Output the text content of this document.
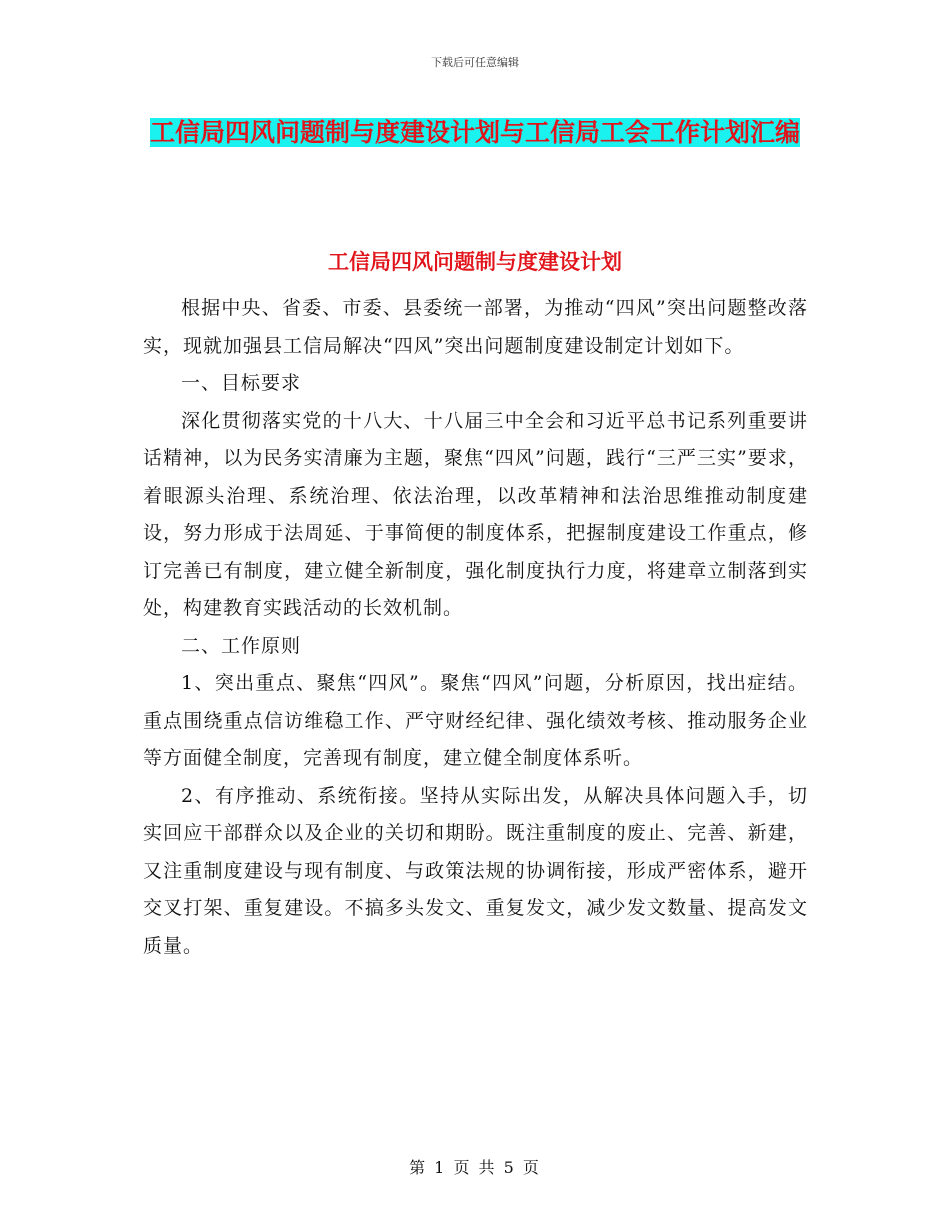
下载后可任意编辑
工信局四风问题制与度建设计划与工信局工会工作计划汇编
工信局四风问题制与度建设计划

根据中央、省委、市委、县委统一部署，为推动“四风”突出问题整改落实，现就加强县工信局解决“四风”突出问题制度建设制定计划如下。

一、目标要求

深化贯彻落实党的十八大、十八届三中全会和习近平总书记系列重要讲话精神，以为民务实清廉为主题，聚焦“四风”问题，践行“三严三实”要求，着眼源头治理、系统治理、依法治理，以改革精神和法治思维推动制度建设，努力形成于法周延、于事简便的制度体系，把握制度建设工作重点，修订完善已有制度，建立健全新制度，强化制度执行力度，将建章立制落到实处，构建教育实践活动的长效机制。

二、工作原则

1、突出重点、聚焦“四风”。聚焦“四风”问题，分析原因，找出症结。重点围绕重点信访维稳工作、严守财经纪律、强化绩效考核、推动服务企业等方面健全制度，完善现有制度，建立健全制度体系听。

2、有序推动、系统衔接。坚持从实际出发，从解决具体问题入手，切实回应干部群众以及企业的关切和期盼。既注重制度的废止、完善、新建，又注重制度建设与现有制度、与政策法规的协调衔接，形成严密体系，避开交叉打架、重复建设。不搞多头发文、重复发文，减少发文数量、提高发文质量。

第 1 页 共 5 页
